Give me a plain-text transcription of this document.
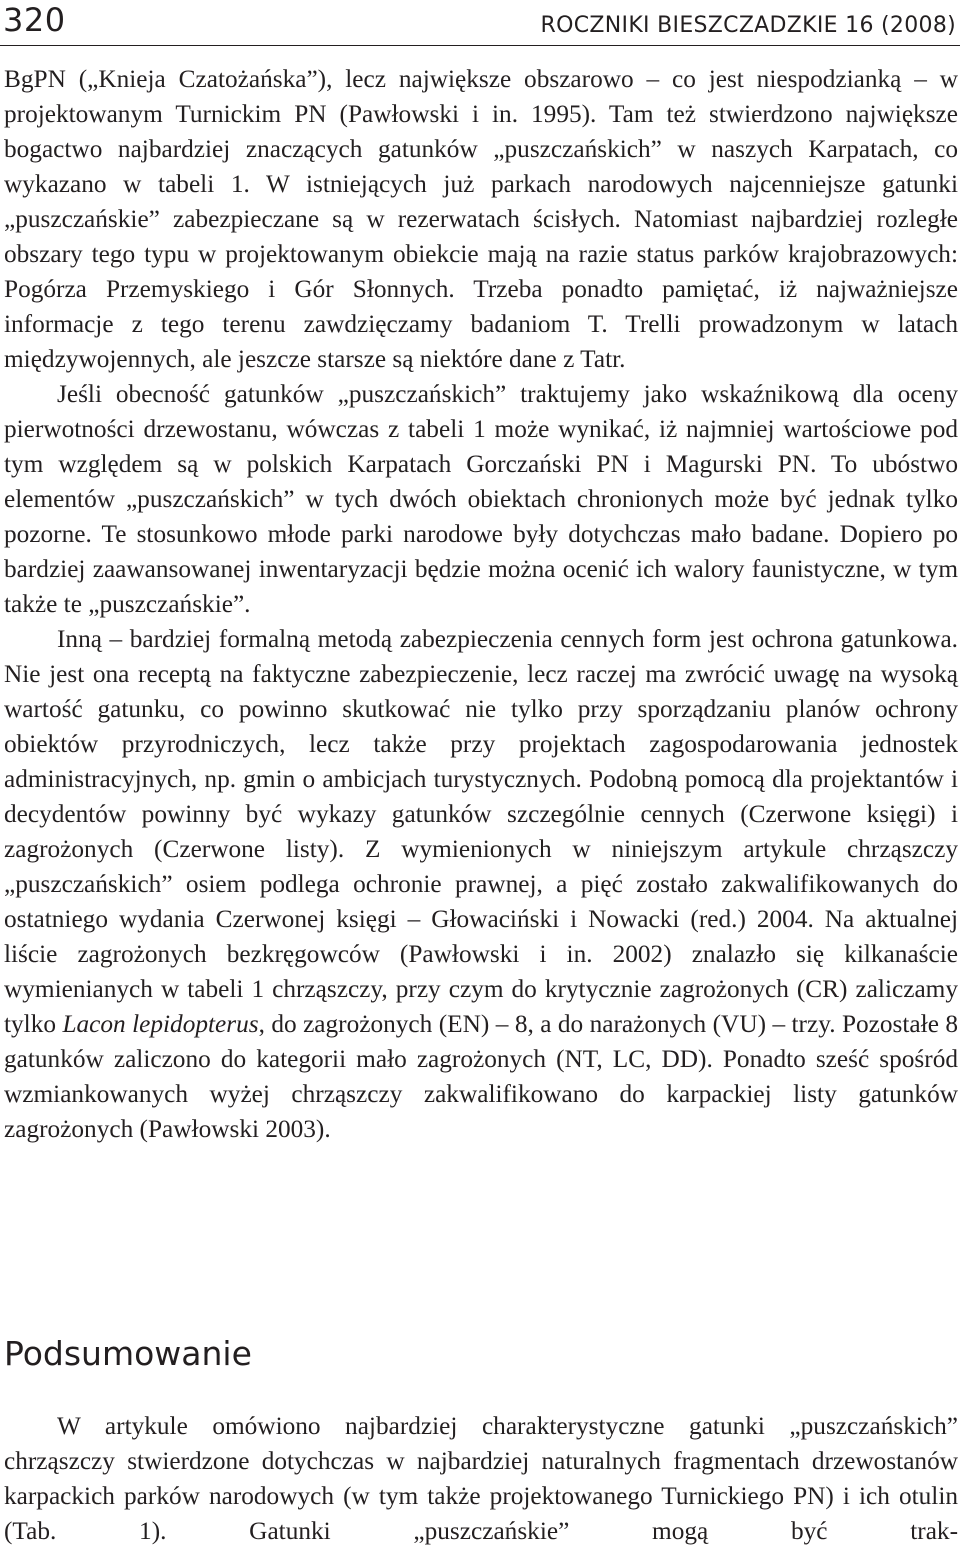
320	ROCZNIKI BIESZCZADZKIE 16 (2008)

BgPN („Knieja Czatożańska”), lecz największe obszarowo – co jest niespodzianką – w projektowanym Turnickim PN (Pawłowski i in. 1995). Tam też stwierdzono największe bogactwo najbardziej znaczących gatunków „puszczańskich” w naszych Karpatach, co wykazano w tabeli 1. W istniejących już parkach narodowych najcenniejsze gatunki „puszczańskie” zabezpieczane są w rezerwatach ścisłych. Natomiast najbardziej rozległe obszary tego typu w projektowanym obiekcie mają na razie status parków krajobrazowych: Pogórza Przemyskiego i Gór Słonnych. Trzeba ponadto pamiętać, iż najważniejsze informacje z tego terenu zawdzięczamy badaniom T. Trelli prowadzonym w latach międzywojennych, ale jeszcze starsze są niektóre dane z Tatr.

Jeśli obecność gatunków „puszczańskich” traktujemy jako wskaźnikową dla oceny pierwotności drzewostanu, wówczas z tabeli 1 może wynikać, iż najmniej wartościowe pod tym względem są w polskich Karpatach Gorczański PN i Magurski PN. To ubóstwo elementów „puszczańskich” w tych dwóch obiektach chronionych może być jednak tylko pozorne. Te stosunkowo młode parki narodowe były dotychczas mało badane. Dopiero po bardziej zaawansowanej inwentaryzacji będzie można ocenić ich walory faunistyczne, w tym także te „puszczańskie”.

Inną – bardziej formalną metodą zabezpieczenia cennych form jest ochrona gatunkowa. Nie jest ona receptą na faktyczne zabezpieczenie, lecz raczej ma zwrócić uwagę na wysoką wartość gatunku, co powinno skutkować nie tylko przy sporządzaniu planów ochrony obiektów przyrodniczych, lecz także przy projektach zagospodarowania jednostek administracyjnych, np. gmin o ambicjach turystycznych. Podobną pomocą dla projektantów i decydentów powinny być wykazy gatunków szczególnie cennych (Czerwone księgi) i zagrożonych (Czerwone listy). Z wymienionych w niniejszym artykule chrząszczy „puszczańskich” osiem podlega ochronie prawnej, a pięć zostało zakwalifikowanych do ostatniego wydania Czerwonej księgi – Głowaciński i Nowacki (red.) 2004. Na aktualnej liście zagrożonych bezkręgowców (Pawłowski i in. 2002) znalazło się kilkanaście wymienianych w tabeli 1 chrząszczy, przy czym do krytycznie zagrożonych (CR) zaliczamy tylko Lacon lepidopterus, do zagrożonych (EN) – 8, a do narażonych (VU) – trzy. Pozostałe 8 gatunków zaliczono do kategorii mało zagrożonych (NT, LC, DD). Ponadto sześć spośród wzmiankowanych wyżej chrząszczy zakwalifikowano do karpackiej listy gatunków zagrożonych (Pawłowski 2003).

Podsumowanie

W artykule omówiono najbardziej charakterystyczne gatunki „puszczańskich” chrząszczy stwierdzone dotychczas w najbardziej naturalnych fragmentach drzewostanów karpackich parków narodowych (w tym także projektowanego Turnickiego PN) i ich otulin (Tab. 1). Gatunki „puszczańskie” mogą być trak-
